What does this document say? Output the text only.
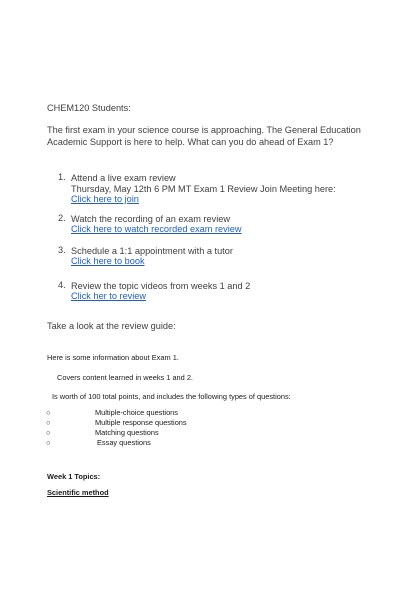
CHEM120 Students:
The first exam in your science course is approaching. The General Education
Academic Support is here to help. What can you do ahead of Exam 1?
1. Attend a live exam review
Thursday, May 12th 6 PM MT Exam 1 Review Join Meeting here:
Click here to join
2. Watch the recording of an exam review
Click here to watch recorded exam review
3. Schedule a 1:1 appointment with a tutor
Click here to book
4. Review the topic videos from weeks 1 and 2
Click her to review
Take a look at the review guide:
Here is some information about Exam 1.
Covers content learned in weeks 1 and 2.
Is worth of 100 total points, and includes the following types of questions:
○	Multiple-choice questions
○	Multiple response questions
○	Matching questions
○	Essay questions
Week 1 Topics:
Scientific method
